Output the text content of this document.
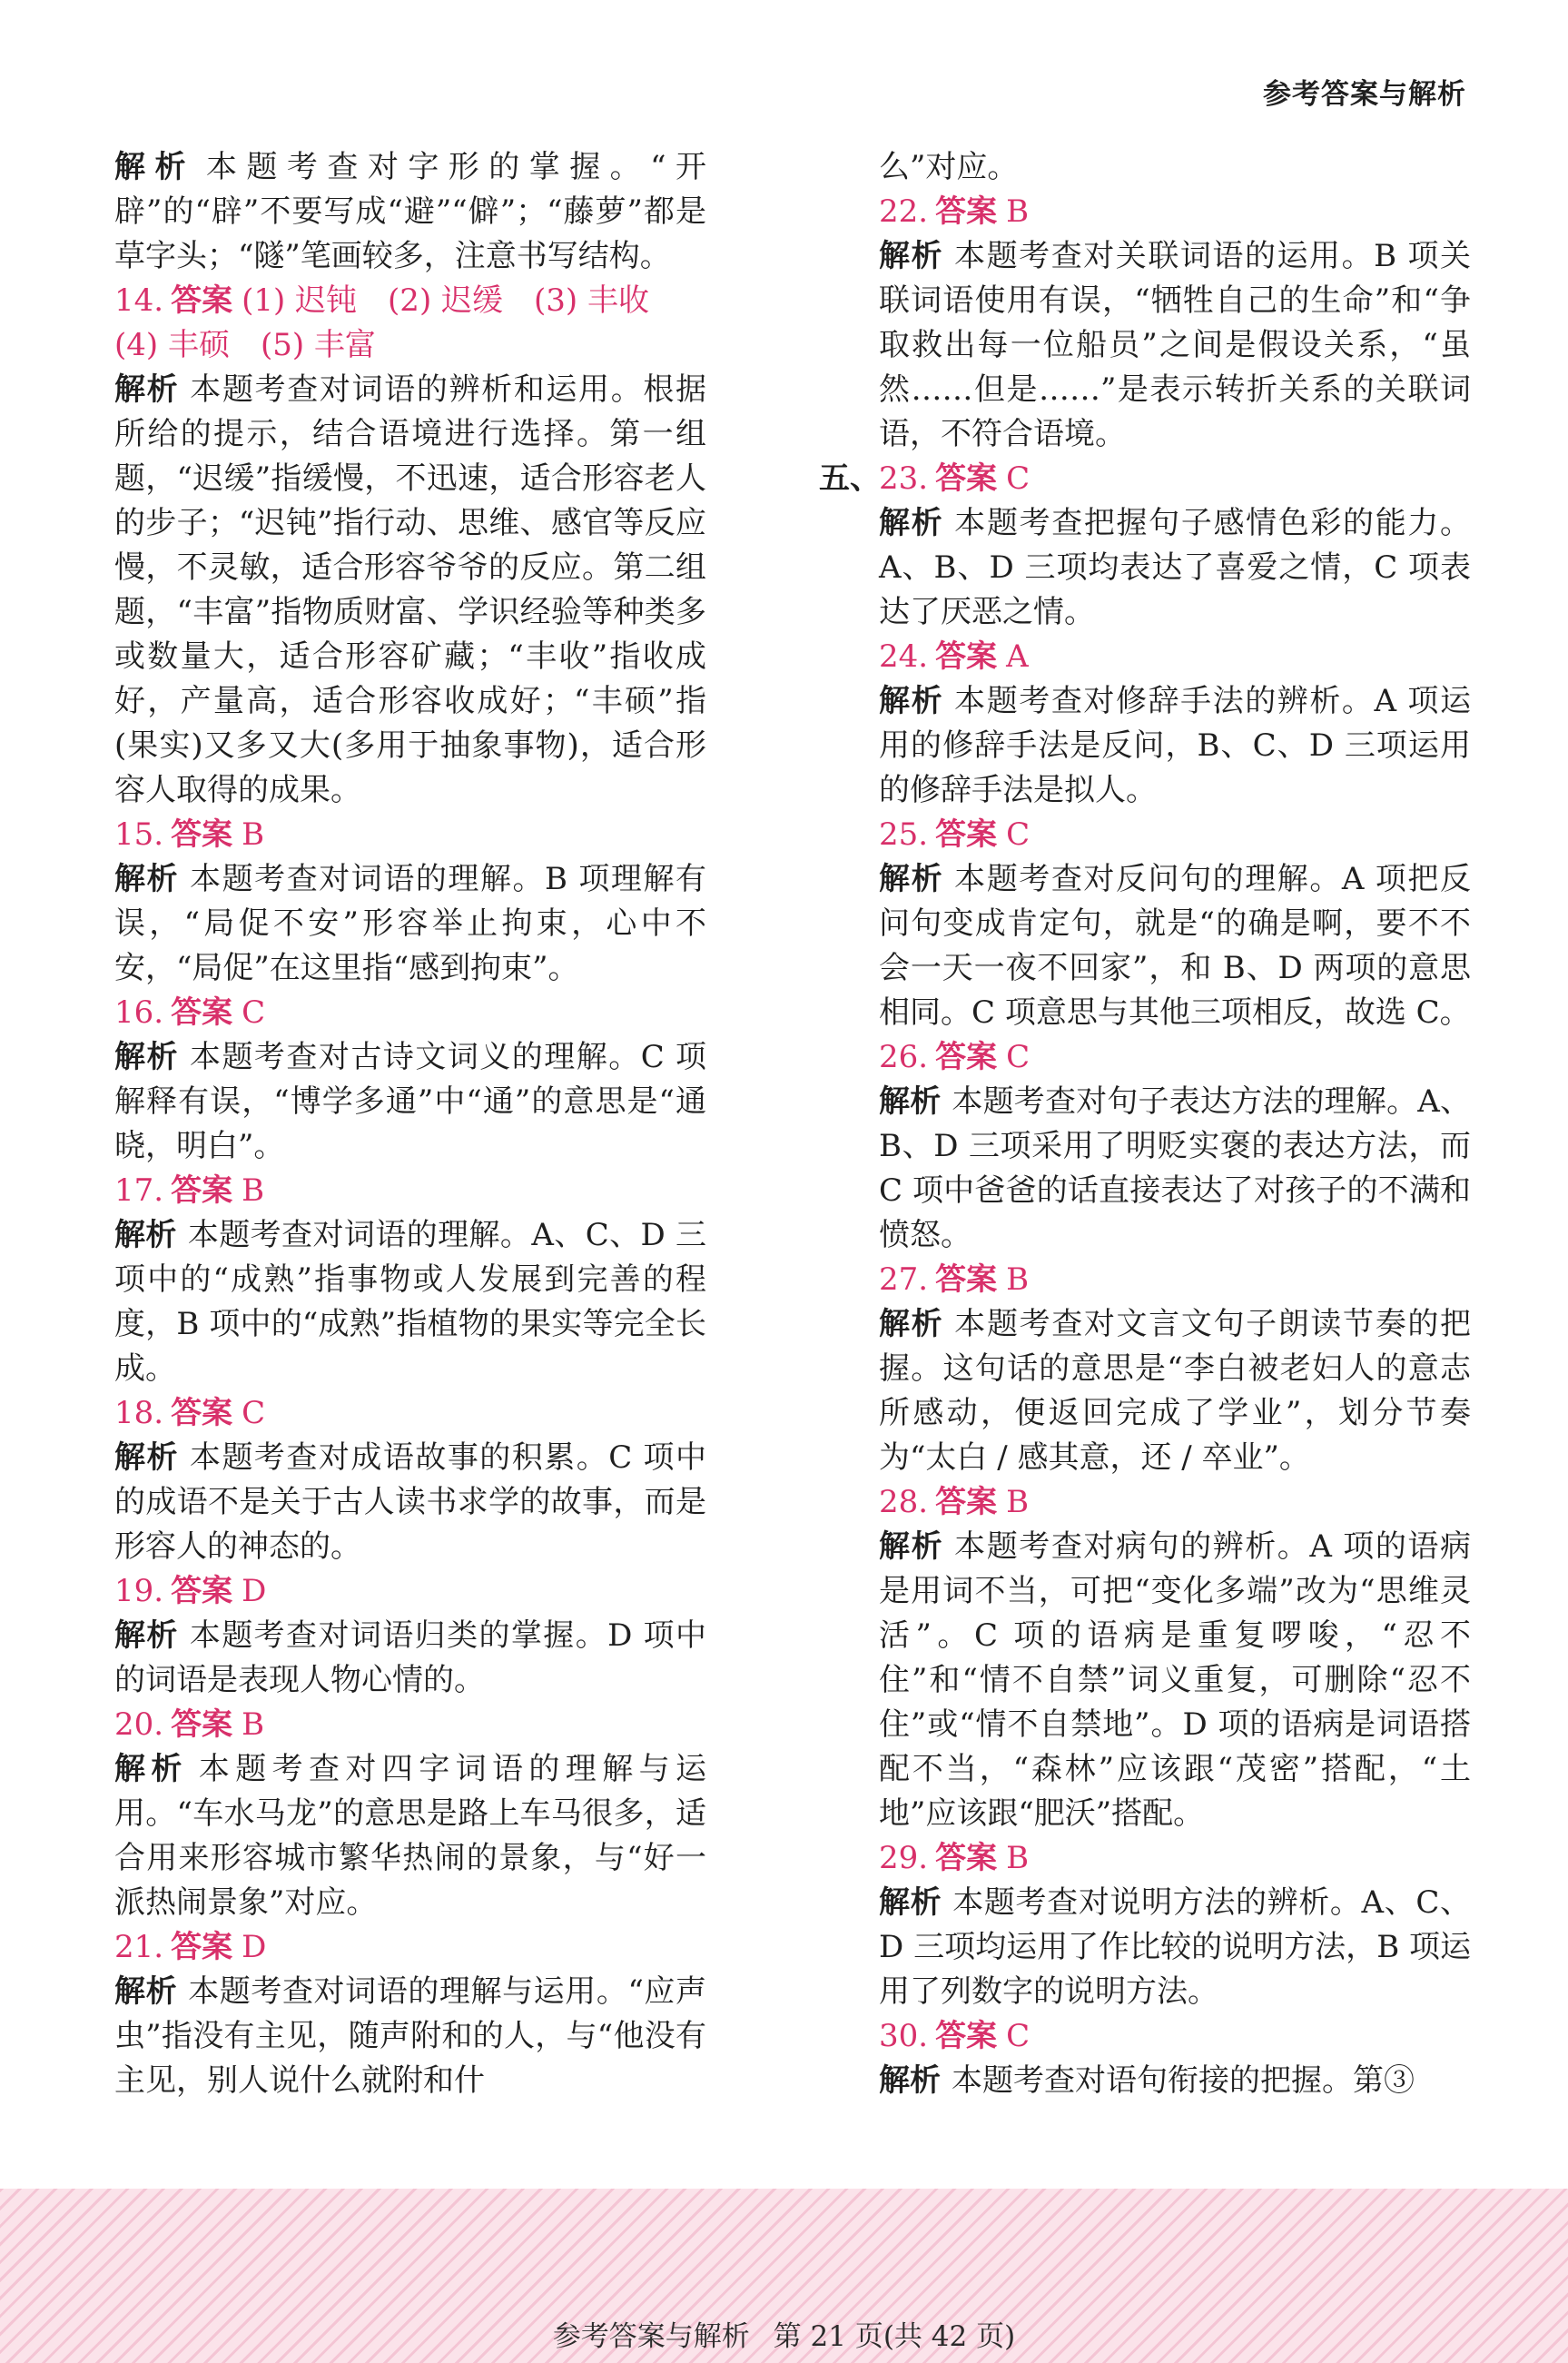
参考答案与解析

解析 本题考查对字形的掌握。“开辟”的“辟”不要写成“避”“僻”；“藤萝”都是草字头；“隧”笔画较多，注意书写结构。

14. 答案 (1) 迟钝　(2) 迟缓　(3) 丰收　(4) 丰硕　(5) 丰富

解析 本题考查对词语的辨析和运用。根据所给的提示，结合语境进行选择。第一组题，“迟缓”指缓慢，不迅速，适合形容老人的步子；“迟钝”指行动、思维、感官等反应慢，不灵敏，适合形容爷爷的反应。第二组题，“丰富”指物质财富、学识经验等种类多或数量大，适合形容矿藏；“丰收”指收成好，产量高，适合形容收成好；“丰硕”指(果实)又多又大(多用于抽象事物)，适合形容人取得的成果。

15. 答案 B

解析 本题考查对词语的理解。B 项理解有误，“局促不安”形容举止拘束，心中不安，“局促”在这里指“感到拘束”。

16. 答案 C

解析 本题考查对古诗文词义的理解。C 项解释有误，“博学多通”中“通”的意思是“通晓，明白”。

17. 答案 B

解析 本题考查对词语的理解。A、C、D 三项中的“成熟”指事物或人发展到完善的程度，B 项中的“成熟”指植物的果实等完全长成。

18. 答案 C

解析 本题考查对成语故事的积累。C 项中的成语不是关于古人读书求学的故事，而是形容人的神态的。

19. 答案 D

解析 本题考查对词语归类的掌握。D 项中的词语是表现人物心情的。

20. 答案 B

解析 本题考查对四字词语的理解与运用。“车水马龙”的意思是路上车马很多，适合用来形容城市繁华热闹的景象，与“好一派热闹景象”对应。

21. 答案 D

解析 本题考查对词语的理解与运用。“应声虫”指没有主见，随声附和的人，与“他没有主见，别人说什么就附和什

么”对应。

22. 答案 B

解析 本题考查对关联词语的运用。B 项关联词语使用有误，“牺牲自己的生命”和“争取救出每一位船员”之间是假设关系，“虽然……但是……”是表示转折关系的关联词语，不符合语境。

五、

23. 答案 C

解析 本题考查把握句子感情色彩的能力。A、B、D 三项均表达了喜爱之情，C 项表达了厌恶之情。

24. 答案 A

解析 本题考查对修辞手法的辨析。A 项运用的修辞手法是反问，B、C、D 三项运用的修辞手法是拟人。

25. 答案 C

解析 本题考查对反问句的理解。A 项把反问句变成肯定句，就是“的确是啊，要不不会一天一夜不回家”，和 B、D 两项的意思相同。C 项意思与其他三项相反，故选 C。

26. 答案 C

解析 本题考查对句子表达方法的理解。A、B、D 三项采用了明贬实褒的表达方法，而 C 项中爸爸的话直接表达了对孩子的不满和愤怒。

27. 答案 B

解析 本题考查对文言文句子朗读节奏的把握。这句话的意思是“李白被老妇人的意志所感动，便返回完成了学业”，划分节奏为“太白 / 感其意，还 / 卒业”。

28. 答案 B

解析 本题考查对病句的辨析。A 项的语病是用词不当，可把“变化多端”改为“思维灵活”。C 项的语病是重复啰唆，“忍不住”和“情不自禁”词义重复，可删除“忍不住”或“情不自禁地”。D 项的语病是词语搭配不当，“森林”应该跟“茂密”搭配，“土地”应该跟“肥沃”搭配。

29. 答案 B

解析 本题考查对说明方法的辨析。A、C、D 三项均运用了作比较的说明方法，B 项运用了列数字的说明方法。

30. 答案 C

解析 本题考查对语句衔接的把握。第③

参考答案与解析 第 21 页(共 42 页)
